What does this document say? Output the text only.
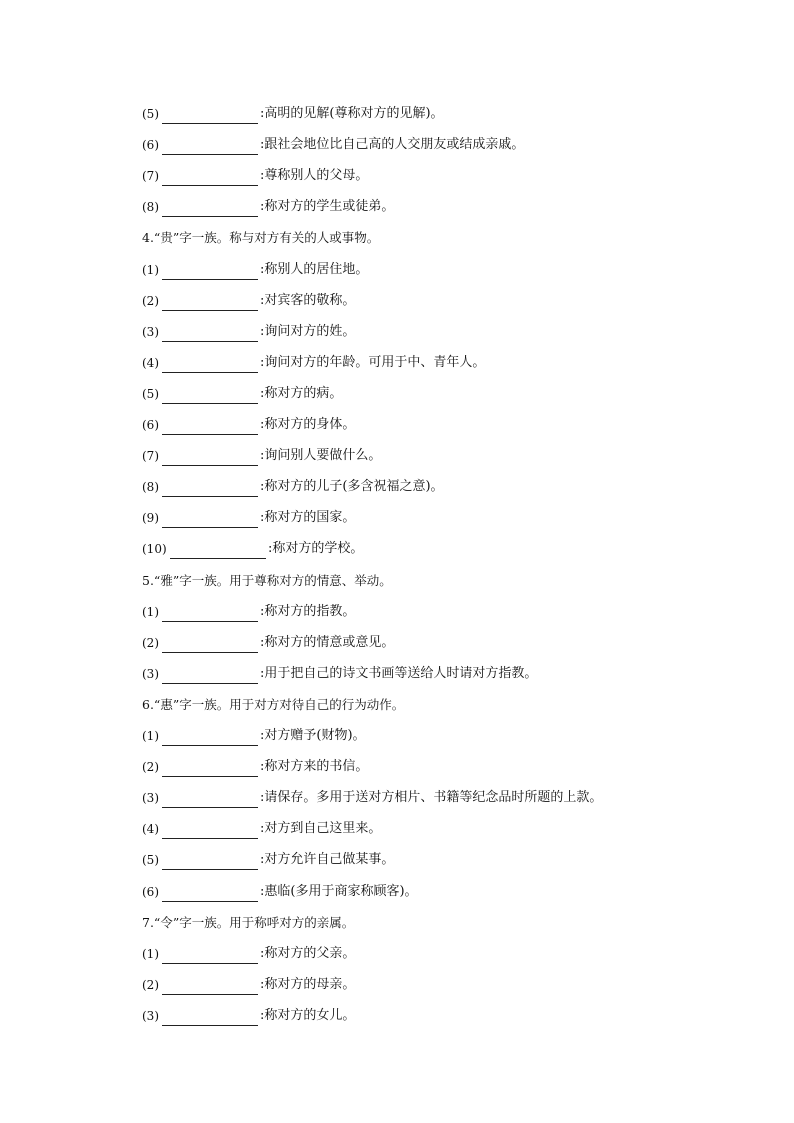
(5)	:高明的见解(尊称对方的见解)。
(6)	:跟社会地位比自己高的人交朋友或结成亲戚。
(7)	:尊称别人的父母。
(8)	:称对方的学生或徒弟。
4.“贵”字一族。称与对方有关的人或事物。
(1)	:称别人的居住地。
(2)	:对宾客的敬称。
(3)	:询问对方的姓。
(4)	:询问对方的年龄。可用于中、青年人。
(5)	:称对方的病。
(6)	:称对方的身体。
(7)	:询问别人要做什么。
(8)	:称对方的儿子(多含祝福之意)。
(9)	:称对方的国家。
(10)	:称对方的学校。
5.“雅”字一族。用于尊称对方的情意、举动。
(1)	:称对方的指教。
(2)	:称对方的情意或意见。
(3)	:用于把自己的诗文书画等送给人时请对方指教。
6.“惠”字一族。用于对方对待自己的行为动作。
(1)	:对方赠予(财物)。
(2)	:称对方来的书信。
(3)	:请保存。多用于送对方相片、书籍等纪念品时所题的上款。
(4)	:对方到自己这里来。
(5)	:对方允许自己做某事。
(6)	:惠临(多用于商家称顾客)。
7.“令”字一族。用于称呼对方的亲属。
(1)	:称对方的父亲。
(2)	:称对方的母亲。
(3)	:称对方的女儿。
